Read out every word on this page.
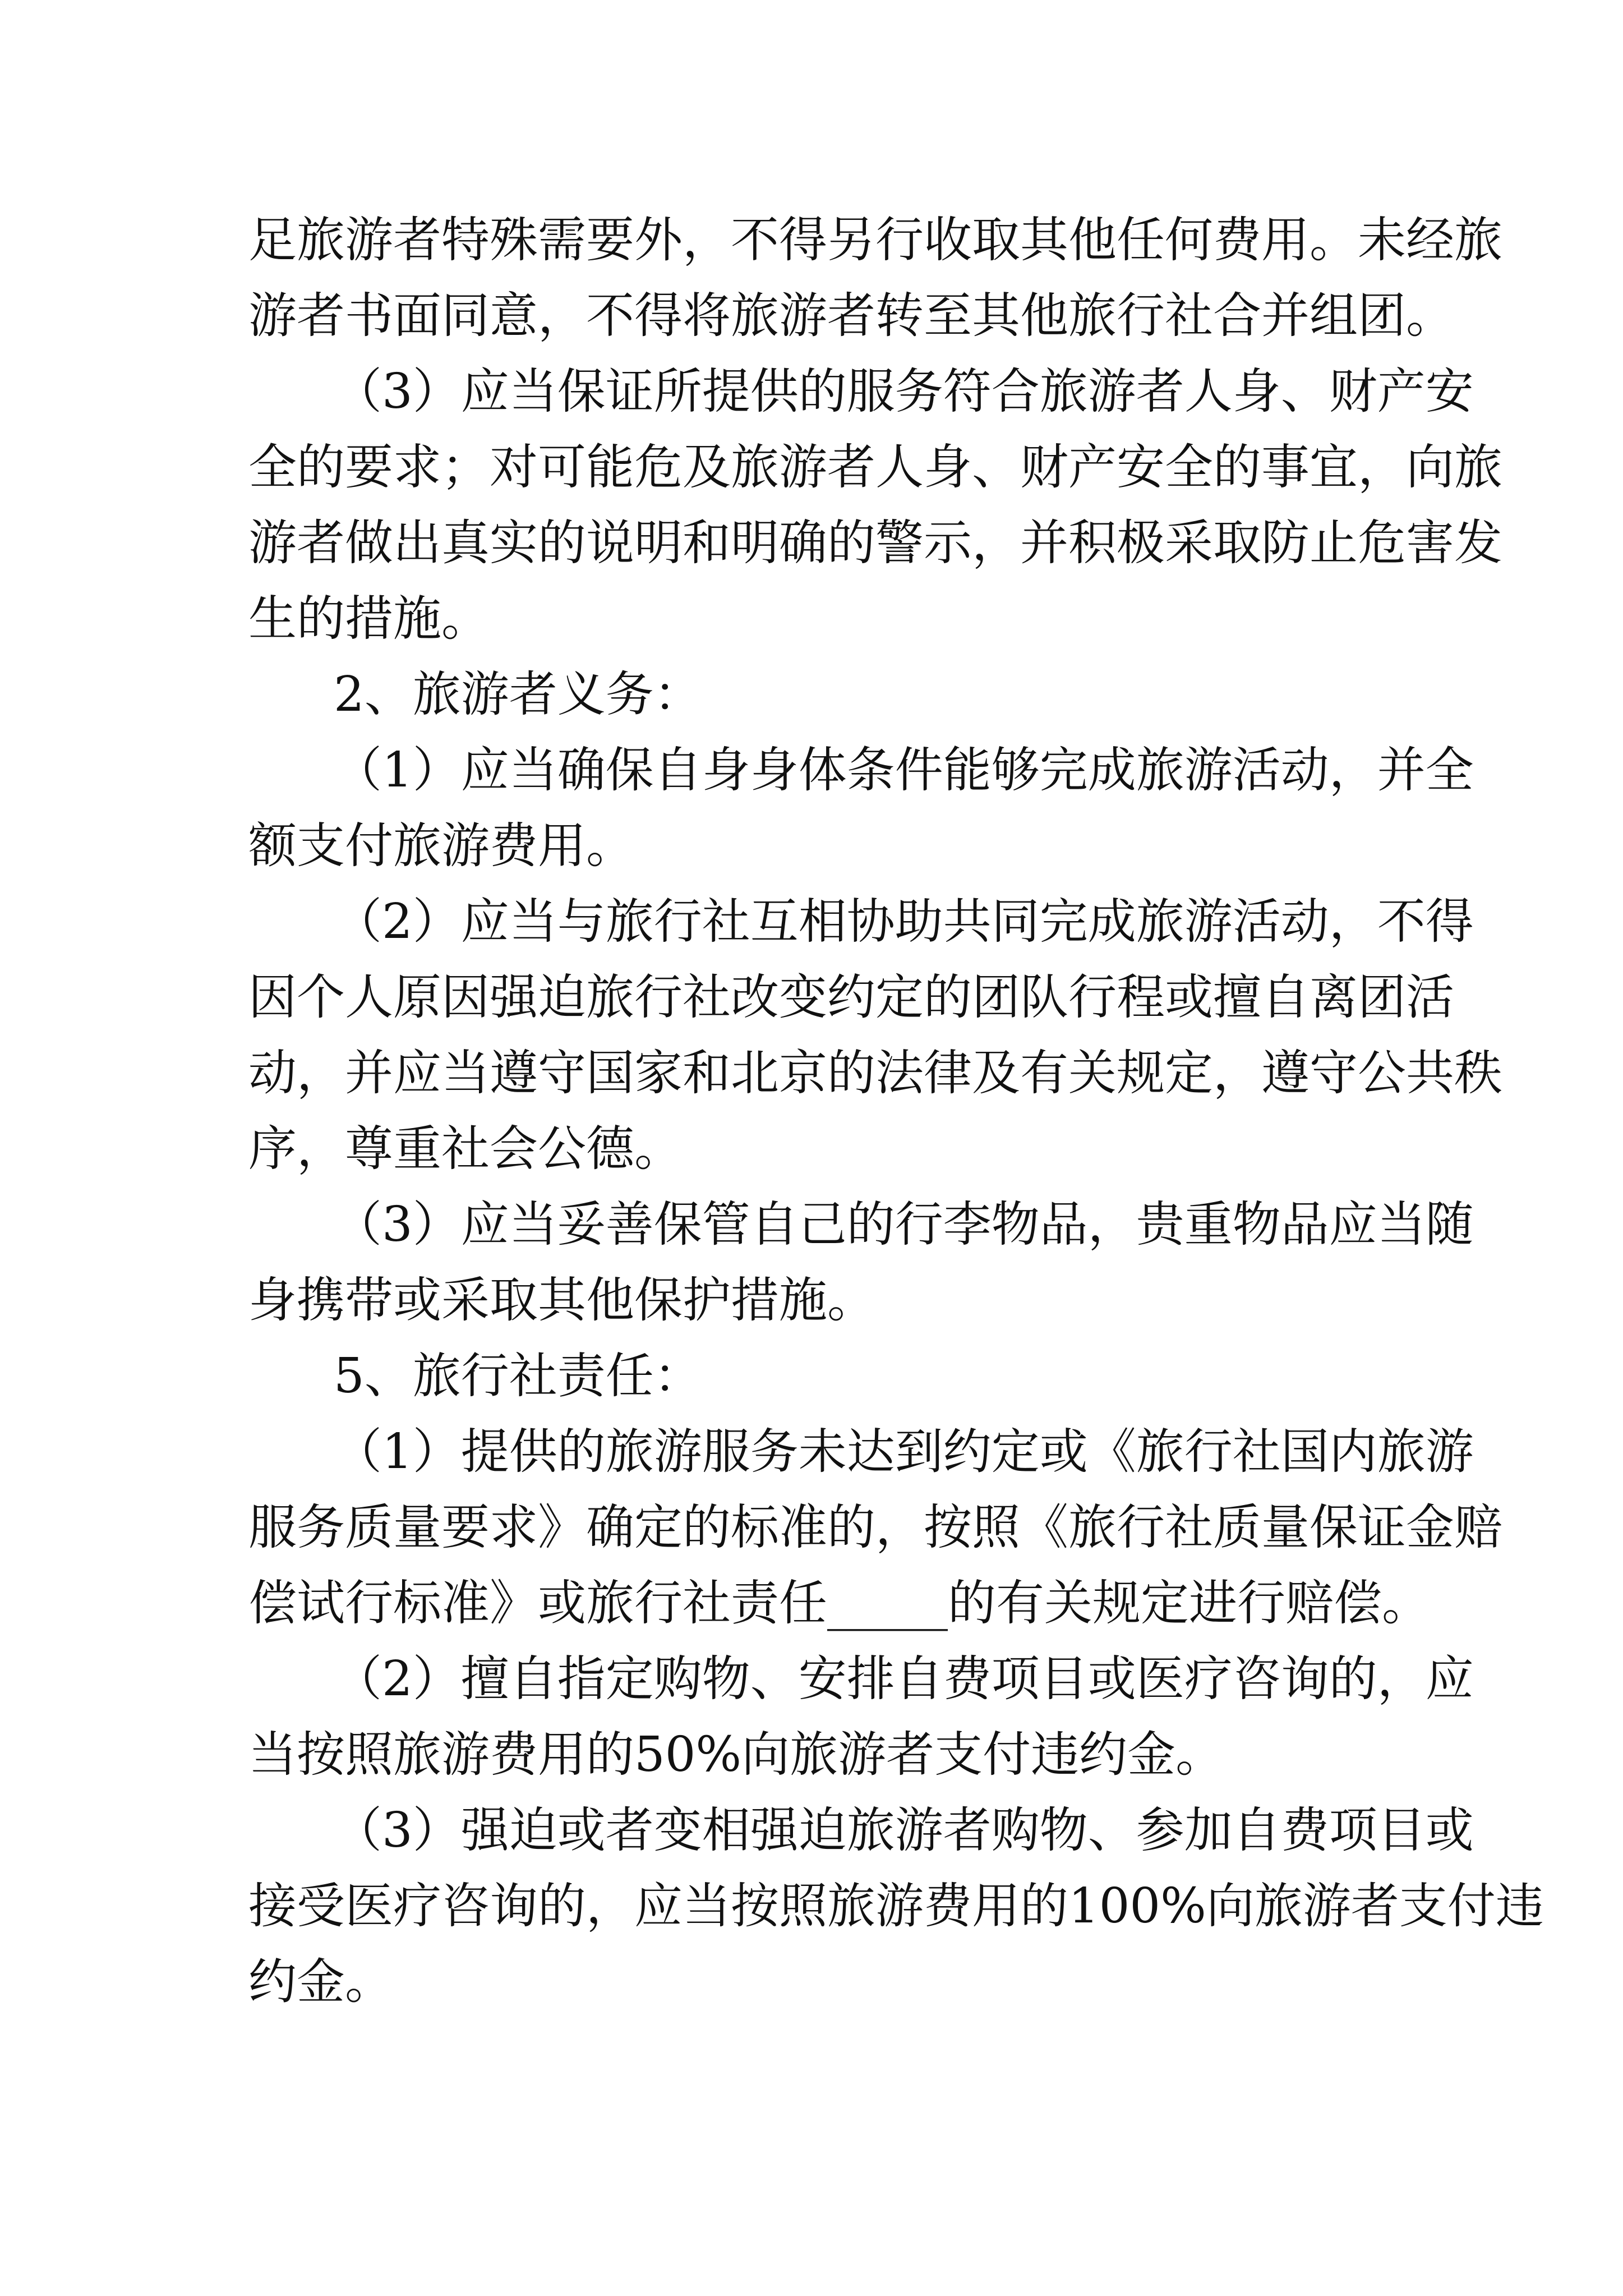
足旅游者特殊需要外，不得另行收取其他任何费用。未经旅
游者书面同意，不得将旅游者转至其他旅行社合并组团。
（3）应当保证所提供的服务符合旅游者人身、财产安
全的要求；对可能危及旅游者人身、财产安全的事宜，向旅
游者做出真实的说明和明确的警示，并积极采取防止危害发
生的措施。
2、旅游者义务：
（1）应当确保自身身体条件能够完成旅游活动，并全
额支付旅游费用。
（2）应当与旅行社互相协助共同完成旅游活动，不得
因个人原因强迫旅行社改变约定的团队行程或擅自离团活
动，并应当遵守国家和北京的法律及有关规定，遵守公共秩
序，尊重社会公德。
（3）应当妥善保管自己的行李物品，贵重物品应当随
身携带或采取其他保护措施。
5、旅行社责任：
（1）提供的旅游服务未达到约定或《旅行社国内旅游
服务质量要求》确定的标准的，按照《旅行社质量保证金赔
偿试行标准》或旅行社责任_____的有关规定进行赔偿。
（2）擅自指定购物、安排自费项目或医疗咨询的，应
当按照旅游费用的50%向旅游者支付违约金。
（3）强迫或者变相强迫旅游者购物、参加自费项目或
接受医疗咨询的，应当按照旅游费用的100%向旅游者支付违
约金。
